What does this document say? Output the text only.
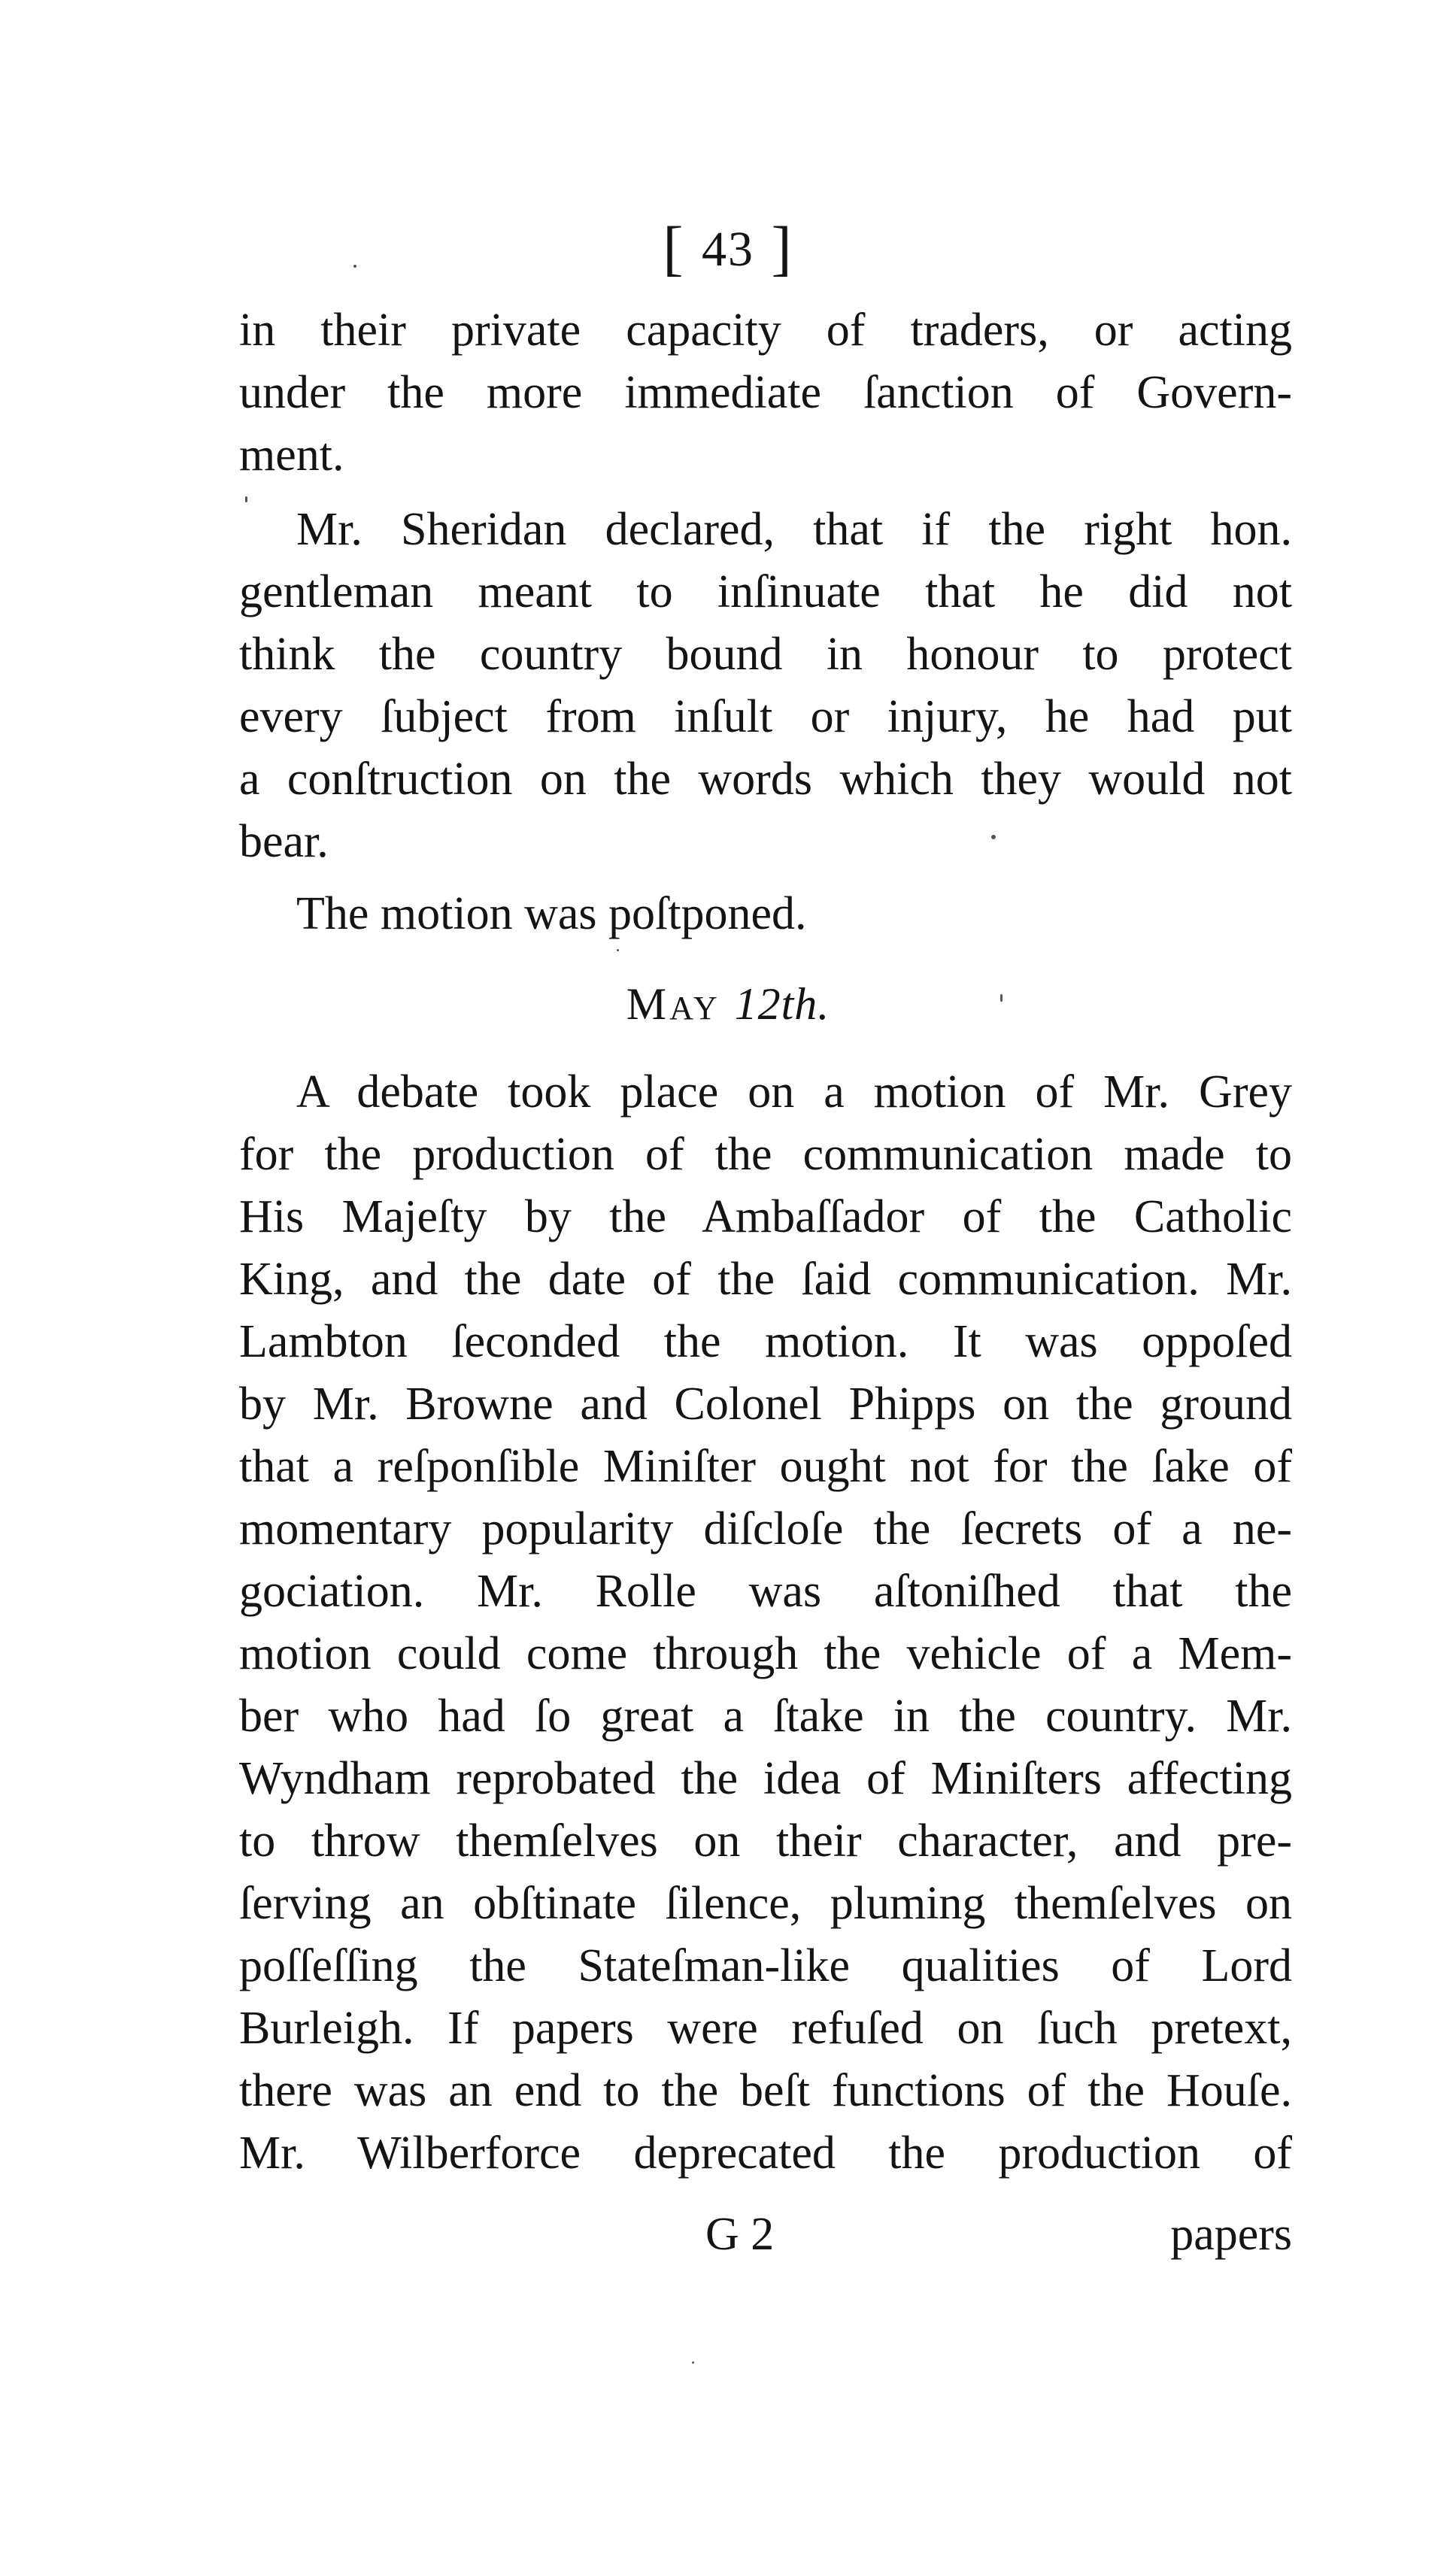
[ 43 ]
in their private capacity of traders, or acting
under the more immediate ſanction of Govern-
ment.
Mr. Sheridan declared, that if the right hon.
gentleman meant to inſinuate that he did not
think the country bound in honour to protect
every ſubject from inſult or injury, he had put
a conſtruction on the words which they would not
bear.
The motion was poſtponed.
MAY 12th.
A debate took place on a motion of Mr. Grey
for the production of the communication made to
His Majeſty by the Ambaſſador of the Catholic
King, and the date of the ſaid communication. Mr.
Lambton ſeconded the motion. It was oppoſed
by Mr. Browne and Colonel Phipps on the ground
that a reſponſible Miniſter ought not for the ſake of
momentary popularity diſcloſe the ſecrets of a ne-
gociation. Mr. Rolle was aſtoniſhed that the
motion could come through the vehicle of a Mem-
ber who had ſo great a ſtake in the country. Mr.
Wyndham reprobated the idea of Miniſters affecting
to throw themſelves on their character, and pre-
ſerving an obſtinate ſilence, pluming themſelves on
poſſeſſing the Stateſman-like qualities of Lord
Burleigh. If papers were refuſed on ſuch pretext,
there was an end to the beſt functions of the Houſe.
Mr. Wilberforce deprecated the production of
G 2	papers
